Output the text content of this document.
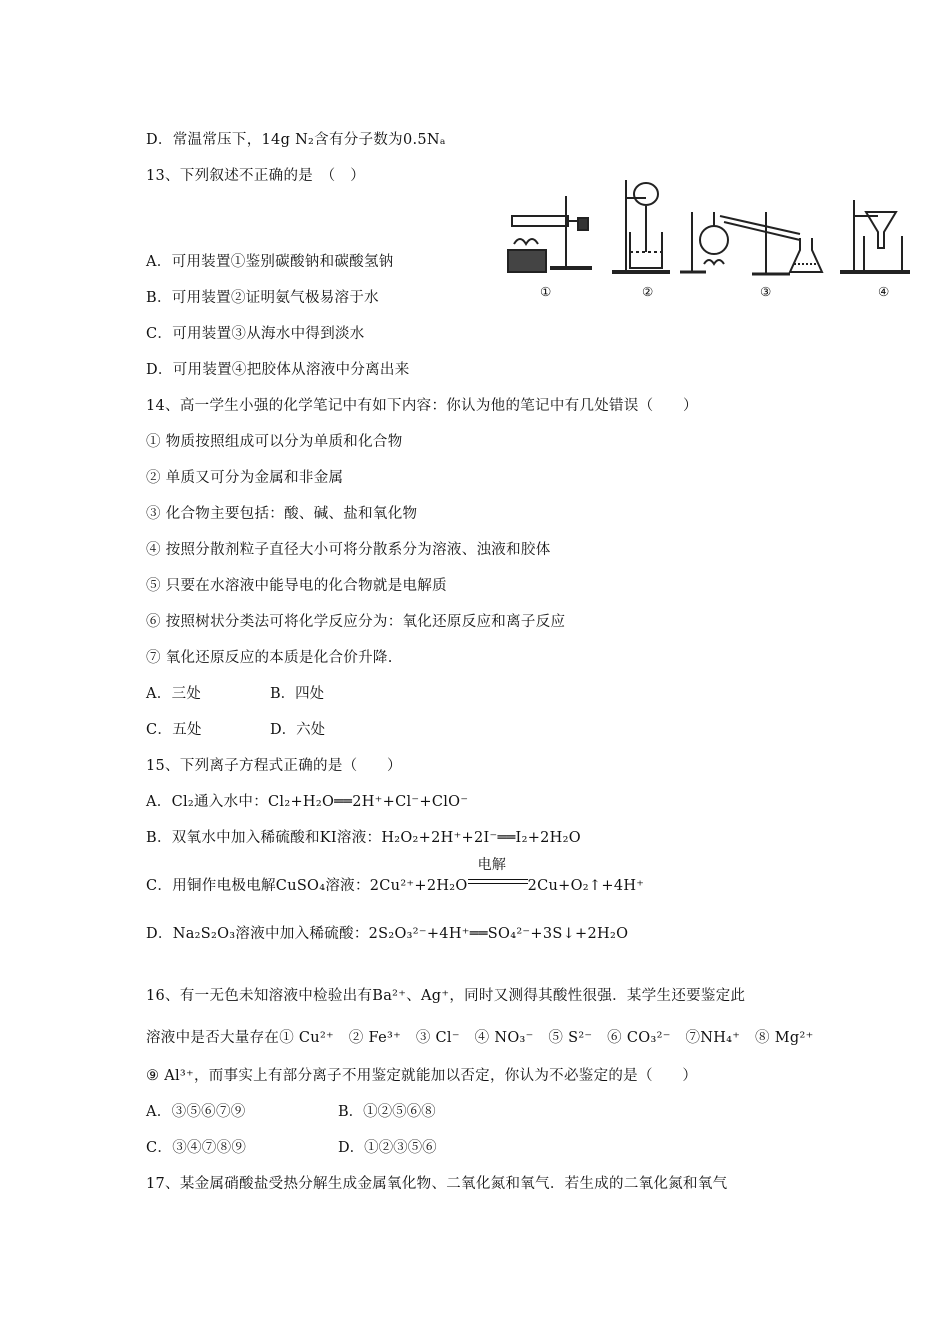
D．常温常压下，14g N₂含有分子数为0.5Nₐ
13、下列叙述不正确的是　（　）
①	②	③	④
A．可用装置①鉴别碳酸钠和碳酸氢钠
B．可用装置②证明氨气极易溶于水
C．可用装置③从海水中得到淡水
D．可用装置④把胶体从溶液中分离出来
14、高一学生小强的化学笔记中有如下内容：你认为他的笔记中有几处错误（　　）
① 物质按照组成可以分为单质和化合物
② 单质又可分为金属和非金属
③ 化合物主要包括：酸、碱、盐和氧化物
④ 按照分散剂粒子直径大小可将分散系分为溶液、浊液和胶体
⑤ 只要在水溶液中能导电的化合物就是电解质
⑥ 按照树状分类法可将化学反应分为：氧化还原反应和离子反应
⑦ 氧化还原反应的本质是化合价升降.
A．三处	B．四处
C．五处	D．六处
15、下列离子方程式正确的是（　　）
A．Cl₂通入水中：Cl₂+H₂O══2H⁺+Cl⁻+ClO⁻
B．双氧水中加入稀硫酸和KI溶液：H₂O₂+2H⁺+2I⁻══I₂+2H₂O
C．用铜作电极电解CuSO₄溶液：2Cu²⁺+2H₂O
电解
2Cu+O₂↑+4H⁺
D．Na₂S₂O₃溶液中加入稀硫酸：2S₂O₃²⁻+4H⁺══SO₄²⁻+3S↓+2H₂O
16、有一无色未知溶液中检验出有Ba²⁺、Ag⁺，同时又测得其酸性很强．某学生还要鉴定此
溶液中是否大量存在① Cu²⁺　② Fe³⁺　③ Cl⁻　④ NO₃⁻　⑤ S²⁻　⑥ CO₃²⁻　⑦NH₄⁺　⑧ Mg²⁺
⑨ Al³⁺，而事实上有部分离子不用鉴定就能加以否定，你认为不必鉴定的是（　　）
A．③⑤⑥⑦⑨	B．①②⑤⑥⑧
C．③④⑦⑧⑨	D．①②③⑤⑥
17、某金属硝酸盐受热分解生成金属氧化物、二氧化氮和氧气．若生成的二氧化氮和氧气
